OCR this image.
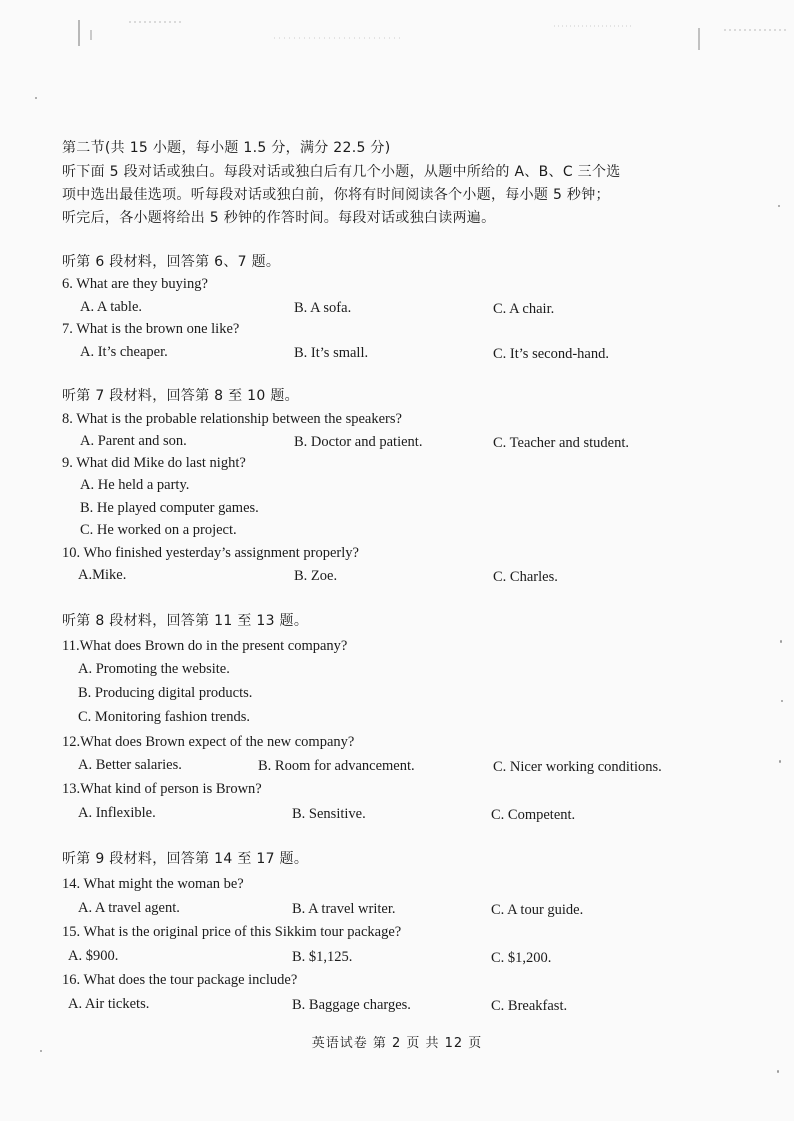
第二节(共 15 小题，每小题 1.5 分，满分 22.5 分)
听下面 5 段对话或独白。每段对话或独白后有几个小题，从题中所给的 A、B、C 三个选
项中选出最佳选项。听每段对话或独白前，你将有时间阅读各个小题，每小题 5 秒钟；
听完后，各小题将给出 5 秒钟的作答时间。每段对话或独白读两遍。
听第 6 段材料，回答第 6、7 题。
6. What are they buying?
A. A table.	B. A sofa.	C. A chair.
7. What is the brown one like?
A. It’s cheaper.	B. It’s small.	C. It’s second-hand.
听第 7 段材料，回答第 8 至 10 题。
8. What is the probable relationship between the speakers?
A. Parent and son.	B. Doctor and patient.	C. Teacher and student.
9. What did Mike do last night?
A. He held a party.
B. He played computer games.
C. He worked on a project.
10. Who finished yesterday’s assignment properly?
A.Mike.	B. Zoe.	C. Charles.
听第 8 段材料，回答第 11 至 13 题。
11.What does Brown do in the present company?
A. Promoting the website.
B. Producing digital products.
C. Monitoring fashion trends.
12.What does Brown expect of the new company?
A. Better salaries.	B. Room for advancement.	C. Nicer working conditions.
13.What kind of person is Brown?
A. Inflexible.	B. Sensitive.	C. Competent.
听第 9 段材料，回答第 14 至 17 题。
14. What might the woman be?
A. A travel agent.	B. A travel writer.	C. A tour guide.
15. What is the original price of this Sikkim tour package?
A. $900.	B. $1,125.	C. $1,200.
16. What does the tour package include?
A. Air tickets.	B. Baggage charges.	C. Breakfast.
英语试卷 第 2 页 共 12 页
